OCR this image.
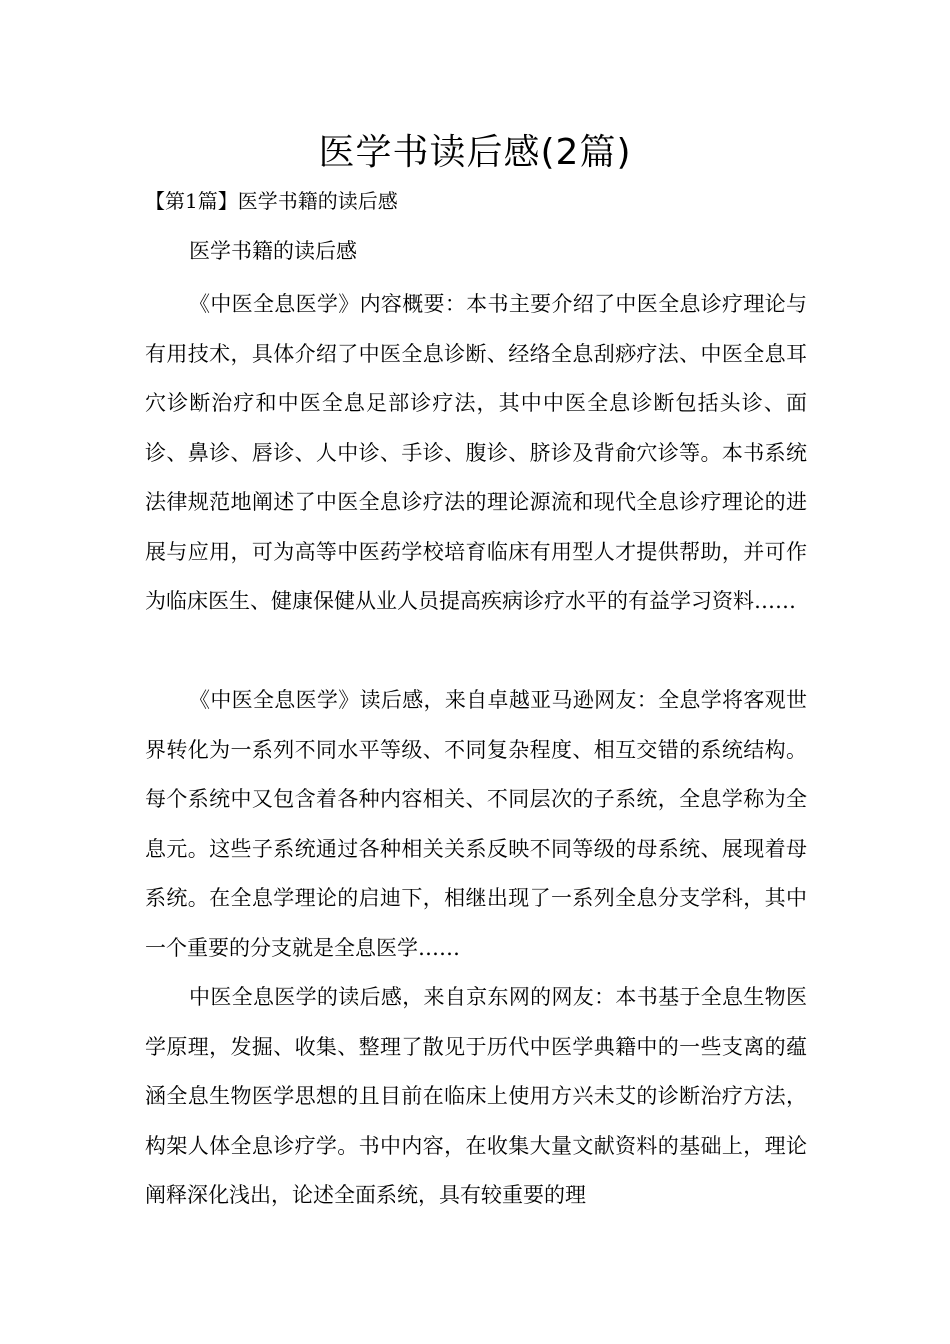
医学书读后感(2篇)
【第1篇】医学书籍的读后感

医学书籍的读后感

《中医全息医学》内容概要：本书主要介绍了中医全息诊疗理论与有用技术，具体介绍了中医全息诊断、经络全息刮痧疗法、中医全息耳穴诊断治疗和中医全息足部诊疗法，其中中医全息诊断包括头诊、面诊、鼻诊、唇诊、人中诊、手诊、腹诊、脐诊及背俞穴诊等。本书系统法律规范地阐述了中医全息诊疗法的理论源流和现代全息诊疗理论的进展与应用，可为高等中医药学校培育临床有用型人才提供帮助，并可作为临床医生、健康保健从业人员提高疾病诊疗水平的有益学习资料……

《中医全息医学》读后感，来自卓越亚马逊网友：全息学将客观世界转化为一系列不同水平等级、不同复杂程度、相互交错的系统结构。每个系统中又包含着各种内容相关、不同层次的子系统，全息学称为全息元。这些子系统通过各种相关关系反映不同等级的母系统、展现着母系统。在全息学理论的启迪下，相继出现了一系列全息分支学科，其中一个重要的分支就是全息医学……

中医全息医学的读后感，来自京东网的网友：本书基于全息生物医学原理，发掘、收集、整理了散见于历代中医学典籍中的一些支离的蕴涵全息生物医学思想的且目前在临床上使用方兴未艾的诊断治疗方法，构架人体全息诊疗学。书中内容，在收集大量文献资料的基础上，理论阐释深化浅出，论述全面系统，具有较重要的理
